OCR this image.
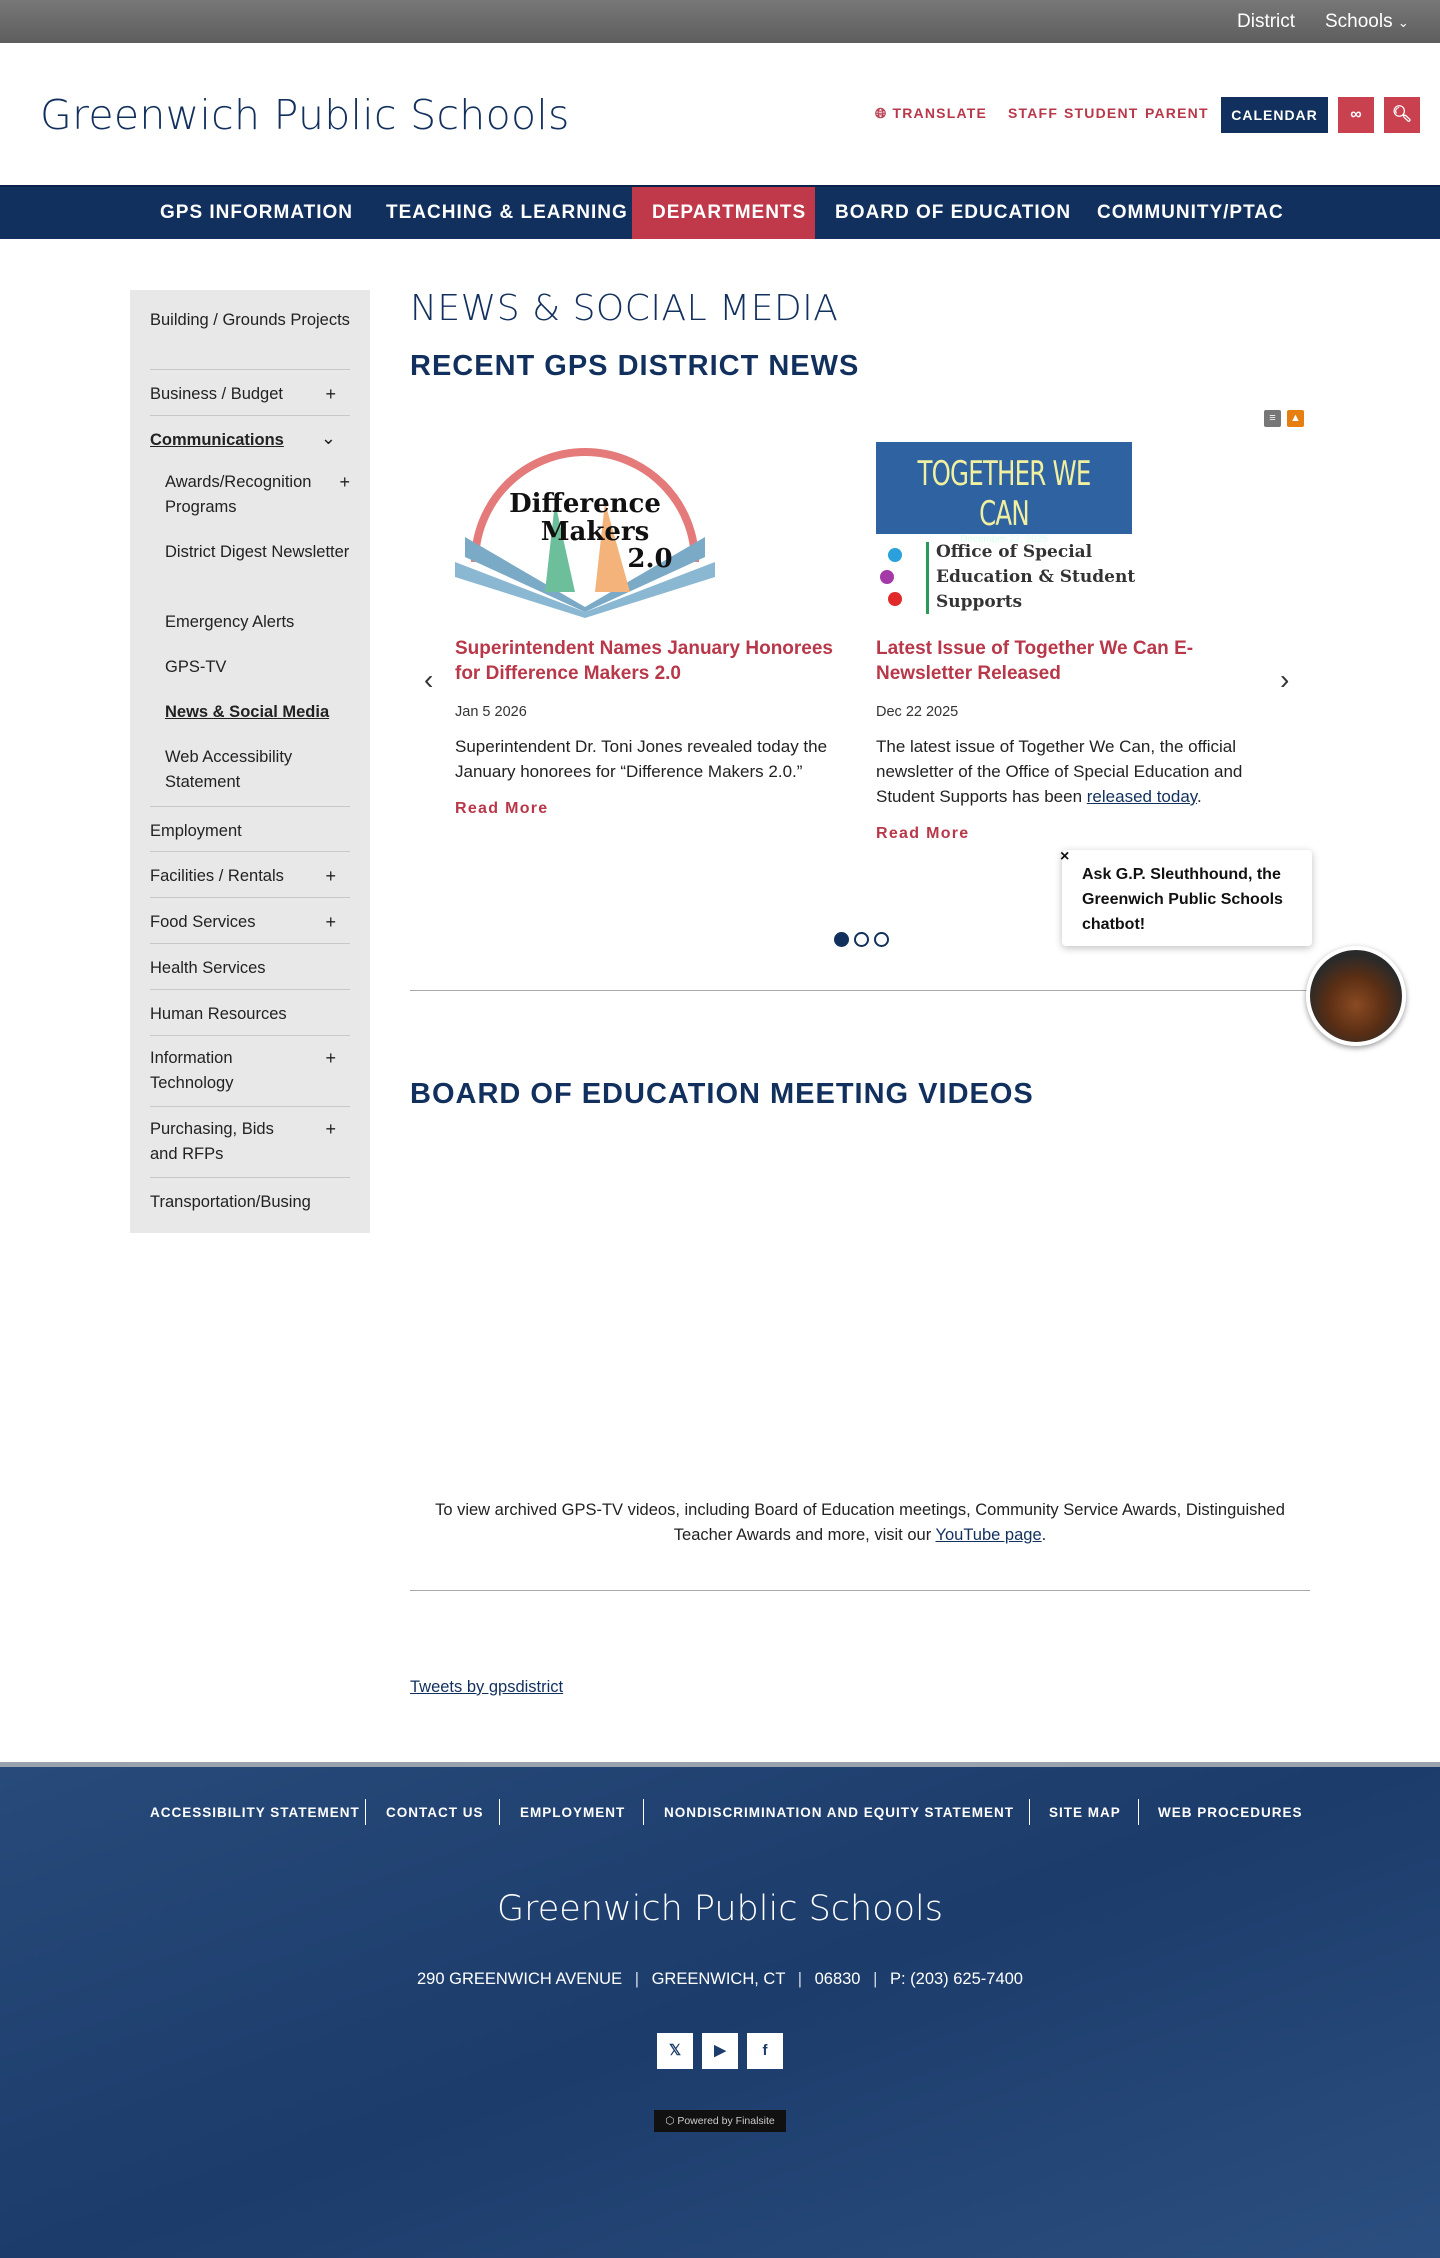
District Schools ⌄
Greenwich Public Schools	🌐︎ TRANSLATE STAFF STUDENT PARENT	CALENDAR	∞	🔍︎
GPS INFORMATION	TEACHING & LEARNING	DEPARTMENTS	BOARD OF EDUCATION	COMMUNITY/PTAC
Building / Grounds Projects
Business / Budget +
Communications ⌄
Awards/Recognition Programs
+
District Digest Newsletter
Emergency Alerts
GPS-TV
News & Social Media
Web Accessibility Statement
Employment
Facilities / Rentals +
Food Services	+
Health Services
Human Resources
Information Technology
+
Purchasing, Bids and RFPs
+
Transportation/Busing
NEWS & SOCIAL MEDIA
RECENT GPS DISTRICT NEWS
≡	▲
‹	›
Difference
Makers
2.0
Superintendent Names January Honorees for Difference Makers 2.0
Jan 5 2026
Superintendent Dr. Toni Jones revealed today the January honorees for “Difference Makers 2.0.”
Read More
TOGETHER WE CAN
December 22, 2025
Office of Special Education & Student Supports
Latest Issue of Together We Can E-Newsletter Released
Dec 22 2025
The latest issue of Together We Can, the official newsletter of the Office of Special Education and Student Supports has been released today.
Read More
×
Ask G.P. Sleuthhound, the Greenwich Public Schools chatbot!
BOARD OF EDUCATION MEETING VIDEOS
To view archived GPS-TV videos, including Board of Education meetings, Community Service Awards, Distinguished Teacher Awards and more, visit our YouTube page.
Tweets by gpsdistrict
ACCESSIBILITY STATEMENT CONTACT US	EMPLOYMENT	NONDISCRIMINATION AND EQUITY STATEMENT	SITE MAP	WEB PROCEDURES
Greenwich Public Schools
290 GREENWICH AVENUE | GREENWICH, CT | 06830 | P: (203) 625-7400
𝕏	▶	f
⬡ Powered by Finalsite
